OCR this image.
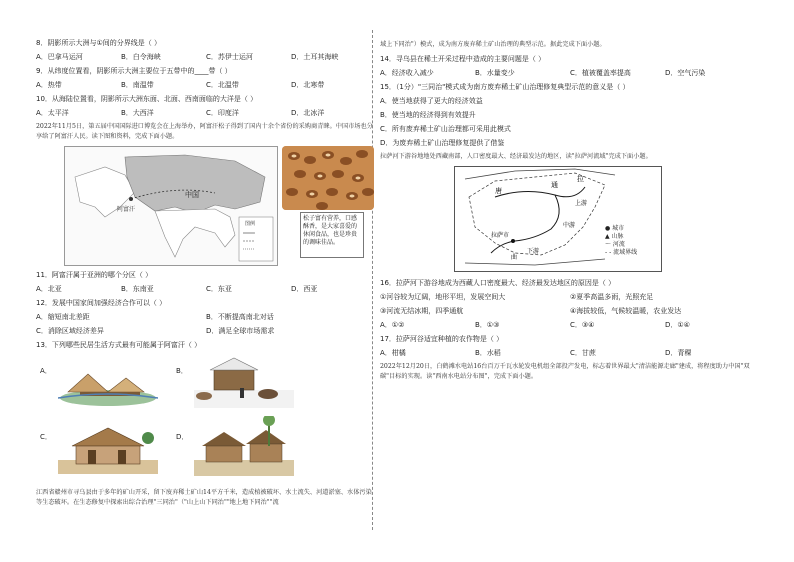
8．阴影所示大洲与①间的分界线是（ ）
A．巴拿马运河	B．白令海峡	C．苏伊士运河	D．土耳其海峡
9．从纬度位置看，阴影所示大洲主要位于五带中的____带（ ）
A．热带	B．南温带	C．北温带	D．北寒带
10．从海陆位置看，阴影所示大洲东面、北面、西南面临的大洋是（ ）
A．太平洋	B．大西洋	C．印度洋	D．北冰洋
2022年11月5日，第五届中国国际进口博览会在上海举办，阿富汗松子得到了国内十余个省份的采购商青睐。中国市场也分享给了阿富汗人民。读下图和资料，完成下面小题。
阿富汗
中国
图例
松子富有营养，口感酥香，是大家喜爱的休闲食品，也是珍贵的调味佳品。
11．阿富汗属于亚洲的哪个分区（ ）
A．北亚	B．东南亚	C．东亚	D．西亚
12．发展中国家间加强经济合作可以（ ）
A．缩短南北差距	B．不断提高南北对话
C．消除区域经济差异	D．满足全球市场需求
13．下列哪些民居生活方式最有可能属于阿富汗（ ）
A．	B．
C．	D．
江西省赣州市寻乌县由于多年的矿山开采，留下废弃稀土矿山14平方千米，造成植被破坏、水土流失、河道淤塞、水体污染等生态破坏。在生态修复中探索出综合治理"三同治"（"山上山下同治""地上地下同治""流
域上下同治"）模式，成为南方废弃稀土矿山治理的典型示范。据此完成下面小题。
14．寻乌县在稀土开采过程中造成的主要问题是（ ）
A．经济收入减少	B．水量变少	C．植被覆盖率提高	D．空气污染
15．（1分）"三同治"模式成为南方废弃稀土矿山治理修复典型示范的意义是（ ）
A．使当地获得了更大的经济效益
B．使当地的经济得到有效提升
C．所有废弃稀土矿山治理都可采用此模式
D．为废弃稀土矿山治理修复提供了借鉴
拉萨河下游谷地地处西藏南部，人口密度最大、经济最发达的地区，读"拉萨河流域"完成下面小题。
唐
拉
通
上游
中游
拉萨市
下游
曲
● 城市
▲ 山脉
〜 河流
- - 流域界线
16．拉萨河下游谷地成为西藏人口密度最大、经济最发达地区的原因是（ ）
①河谷较为辽阔，地形平坦，发展空间大	②夏季高温多雨，光照充足
③河流无结冰期，四季通航	④海拔较低，气候较温暖，农业发达
A．①②	B．①③	C．③④	D．①④
17．拉萨河谷适宜种植的农作物是（ ）
A．柑橘	B．水稻	C．甘蔗	D．青稞
2022年12月20日，白鹤滩水电站16台百万千瓦水轮发电机组全部投产发电，标志着世界最大"清洁能源走廊"建成，将程度助力中国"双碳"目标的实现。读"西南水电站分布图"，完成下面小题。
